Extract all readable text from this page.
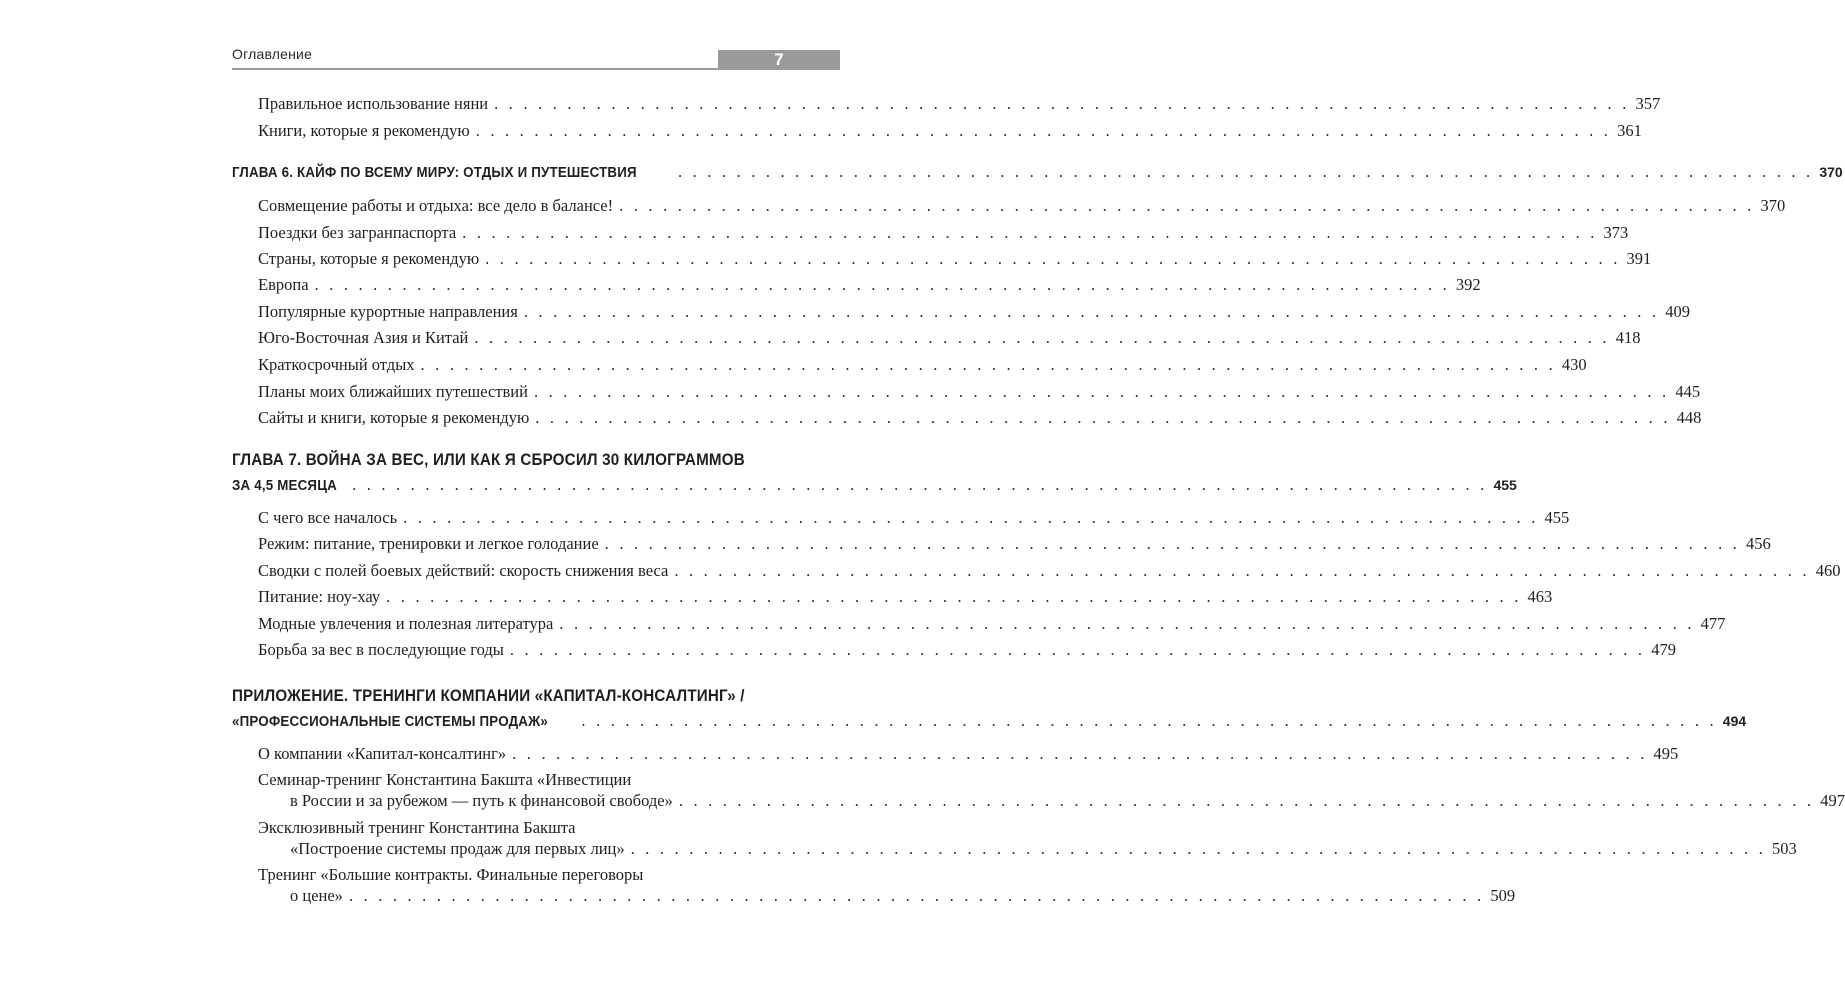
Оглавление	7
Правильное использование няни . . . . . . . . . . . . . . . . . . . . . . . . . . . . . . . . . . . . . . . . . . . . . . . . . . . . . . . . . . . . . . . . . . . . . . . . . . . . . . 357
Книги, которые я рекомендую . . . . . . . . . . . . . . . . . . . . . . . . . . . . . . . . . . . . . . . . . . . . . . . . . . . . . . . . . . . . . . . . . . . . . . . . . . . . . . 361
ГЛАВА 6. КАЙФ ПО ВСЕМУ МИРУ: ОТДЫХ И ПУТЕШЕСТВИЯ . . . . . . . . . . . . . . . . . . . . . . . . . . . . . . . . . . . . . . . . . . . . . . . . . . . . . . . . . . . . . . . . . . . . . . . . . . . . . . 370
Совмещение работы и отдыха: все дело в балансе! . . . . . . . . . . . . . . . . . . . . . . . . . . . . . . . . . . . . . . . . . . . . . . . . . . . . . . . . . . . . . . . . . . . . . . . . . . . . . . 370
Поездки без загранпаспорта . . . . . . . . . . . . . . . . . . . . . . . . . . . . . . . . . . . . . . . . . . . . . . . . . . . . . . . . . . . . . . . . . . . . . . . . . . . . . . 373
Страны, которые я рекомендую . . . . . . . . . . . . . . . . . . . . . . . . . . . . . . . . . . . . . . . . . . . . . . . . . . . . . . . . . . . . . . . . . . . . . . . . . . . . . . 391
Европа . . . . . . . . . . . . . . . . . . . . . . . . . . . . . . . . . . . . . . . . . . . . . . . . . . . . . . . . . . . . . . . . . . . . . . . . . . . . . . 392
Популярные курортные направления . . . . . . . . . . . . . . . . . . . . . . . . . . . . . . . . . . . . . . . . . . . . . . . . . . . . . . . . . . . . . . . . . . . . . . . . . . . . . . 409
Юго-Восточная Азия и Китай . . . . . . . . . . . . . . . . . . . . . . . . . . . . . . . . . . . . . . . . . . . . . . . . . . . . . . . . . . . . . . . . . . . . . . . . . . . . . . 418
Краткосрочный отдых . . . . . . . . . . . . . . . . . . . . . . . . . . . . . . . . . . . . . . . . . . . . . . . . . . . . . . . . . . . . . . . . . . . . . . . . . . . . . . 430
Планы моих ближайших путешествий . . . . . . . . . . . . . . . . . . . . . . . . . . . . . . . . . . . . . . . . . . . . . . . . . . . . . . . . . . . . . . . . . . . . . . . . . . . . . . 445
Сайты и книги, которые я рекомендую . . . . . . . . . . . . . . . . . . . . . . . . . . . . . . . . . . . . . . . . . . . . . . . . . . . . . . . . . . . . . . . . . . . . . . . . . . . . . . 448
ГЛАВА 7. ВОЙНА ЗА ВЕС, ИЛИ КАК Я СБРОСИЛ 30 КИЛОГРАММОВ
ЗА 4,5 МЕСЯЦА . . . . . . . . . . . . . . . . . . . . . . . . . . . . . . . . . . . . . . . . . . . . . . . . . . . . . . . . . . . . . . . . . . . . . . . . . . . . . . 455
С чего все началось . . . . . . . . . . . . . . . . . . . . . . . . . . . . . . . . . . . . . . . . . . . . . . . . . . . . . . . . . . . . . . . . . . . . . . . . . . . . . . 455
Режим: питание, тренировки и легкое голодание . . . . . . . . . . . . . . . . . . . . . . . . . . . . . . . . . . . . . . . . . . . . . . . . . . . . . . . . . . . . . . . . . . . . . . . . . . . . . . 456
Сводки с полей боевых действий: скорость снижения веса . . . . . . . . . . . . . . . . . . . . . . . . . . . . . . . . . . . . . . . . . . . . . . . . . . . . . . . . . . . . . . . . . . . . . . . . . . . . . . 460
Питание: ноу-хау . . . . . . . . . . . . . . . . . . . . . . . . . . . . . . . . . . . . . . . . . . . . . . . . . . . . . . . . . . . . . . . . . . . . . . . . . . . . . . 463
Модные увлечения и полезная литература . . . . . . . . . . . . . . . . . . . . . . . . . . . . . . . . . . . . . . . . . . . . . . . . . . . . . . . . . . . . . . . . . . . . . . . . . . . . . . 477
Борьба за вес в последующие годы . . . . . . . . . . . . . . . . . . . . . . . . . . . . . . . . . . . . . . . . . . . . . . . . . . . . . . . . . . . . . . . . . . . . . . . . . . . . . . 479
ПРИЛОЖЕНИЕ. ТРЕНИНГИ КОМПАНИИ «КАПИТАЛ-КОНСАЛТИНГ» /
«ПРОФЕССИОНАЛЬНЫЕ СИСТЕМЫ ПРОДАЖ» . . . . . . . . . . . . . . . . . . . . . . . . . . . . . . . . . . . . . . . . . . . . . . . . . . . . . . . . . . . . . . . . . . . . . . . . . . . . . . 494
О компании «Капитал-консалтинг» . . . . . . . . . . . . . . . . . . . . . . . . . . . . . . . . . . . . . . . . . . . . . . . . . . . . . . . . . . . . . . . . . . . . . . . . . . . . . . 495
Семинар-тренинг Константина Бакшта «Инвестиции
в России и за рубежом — путь к финансовой свободе» . . . . . . . . . . . . . . . . . . . . . . . . . . . . . . . . . . . . . . . . . . . . . . . . . . . . . . . . . . . . . . . . . . . . . . . . . . . . . . 497
Эксклюзивный тренинг Константина Бакшта
«Построение системы продаж для первых лиц» . . . . . . . . . . . . . . . . . . . . . . . . . . . . . . . . . . . . . . . . . . . . . . . . . . . . . . . . . . . . . . . . . . . . . . . . . . . . . . 503
Тренинг «Большие контракты. Финальные переговоры
о цене» . . . . . . . . . . . . . . . . . . . . . . . . . . . . . . . . . . . . . . . . . . . . . . . . . . . . . . . . . . . . . . . . . . . . . . . . . . . . . . 509
